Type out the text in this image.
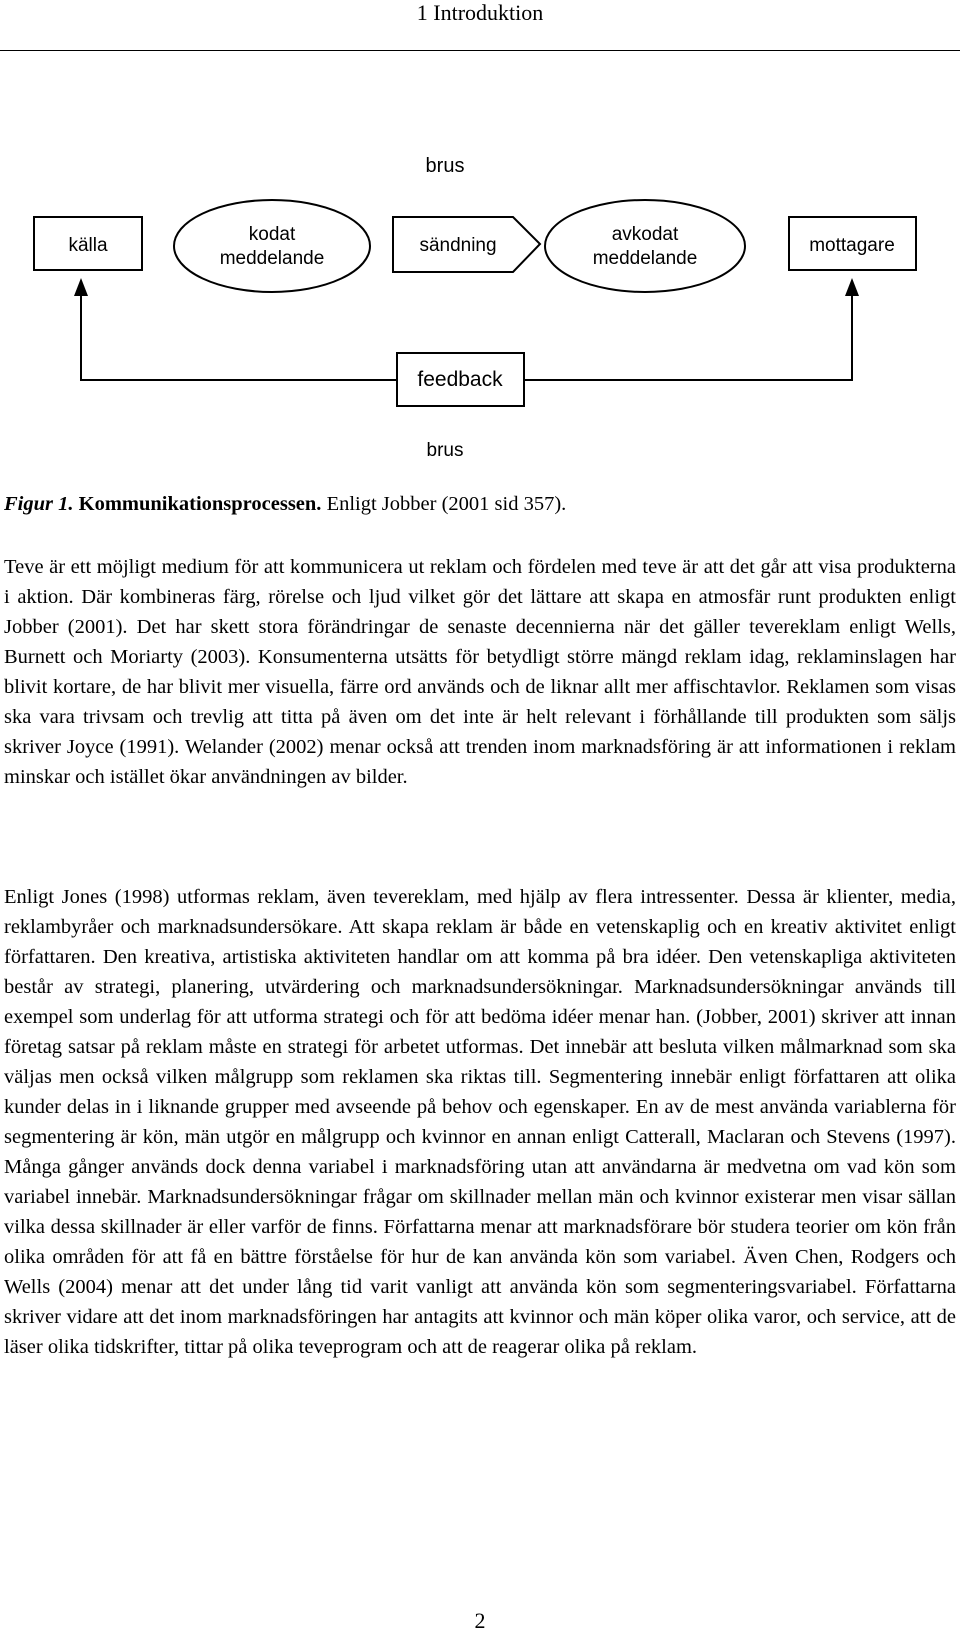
1 Introduktion
brus
källa
kodat
meddelande
sändning
avkodat
meddelande
mottagare
feedback
brus

Figur 1. Kommunikationsprocessen. Enligt Jobber (2001 sid 357).

Teve är ett möjligt medium för att kommunicera ut reklam och fördelen med teve är att det går att visa produkterna i aktion. Där kombineras färg, rörelse och ljud vilket gör det lättare att skapa en atmosfär runt produkten enligt Jobber (2001). Det har skett stora förändringar de senaste decennierna när det gäller tevereklam enligt Wells, Burnett och Moriarty (2003). Konsumenterna utsätts för betydligt större mängd reklam idag, reklaminslagen har blivit kortare, de har blivit mer visuella, färre ord används och de liknar allt mer affischtavlor. Reklamen som visas ska vara trivsam och trevlig att titta på även om det inte är helt relevant i förhållande till produkten som säljs skriver Joyce (1991). Welander (2002) menar också att trenden inom marknadsföring är att informationen i reklam minskar och istället ökar användningen av bilder.

Enligt Jones (1998) utformas reklam, även tevereklam, med hjälp av flera intressenter. Dessa är klienter, media, reklambyråer och marknadsundersökare. Att skapa reklam är både en vetenskaplig och en kreativ aktivitet enligt författaren. Den kreativa, artistiska aktiviteten handlar om att komma på bra idéer. Den vetenskapliga aktiviteten består av strategi, planering, utvärdering och marknadsundersökningar. Marknadsundersökningar används till exempel som underlag för att utforma strategi och för att bedöma idéer menar han. (Jobber, 2001) skriver att innan företag satsar på reklam måste en strategi för arbetet utformas. Det innebär att besluta vilken målmarknad som ska väljas men också vilken målgrupp som reklamen ska riktas till. Segmentering innebär enligt författaren att olika kunder delas in i liknande grupper med avseende på behov och egenskaper. En av de mest använda variablerna för segmentering är kön, män utgör en målgrupp och kvinnor en annan enligt Catterall, Maclaran och Stevens (1997). Många gånger används dock denna variabel i marknadsföring utan att användarna är medvetna om vad kön som variabel innebär. Marknadsundersökningar frågar om skillnader mellan män och kvinnor existerar men visar sällan vilka dessa skillnader är eller varför de finns. Författarna menar att marknadsförare bör studera teorier om kön från olika områden för att få en bättre förståelse för hur de kan använda kön som variabel. Även Chen, Rodgers och Wells (2004) menar att det under lång tid varit vanligt att använda kön som segmenteringsvariabel. Författarna skriver vidare att det inom marknadsföringen har antagits att kvinnor och män köper olika varor, och service, att de läser olika tidskrifter, tittar på olika teveprogram och att de reagerar olika på reklam.

2
